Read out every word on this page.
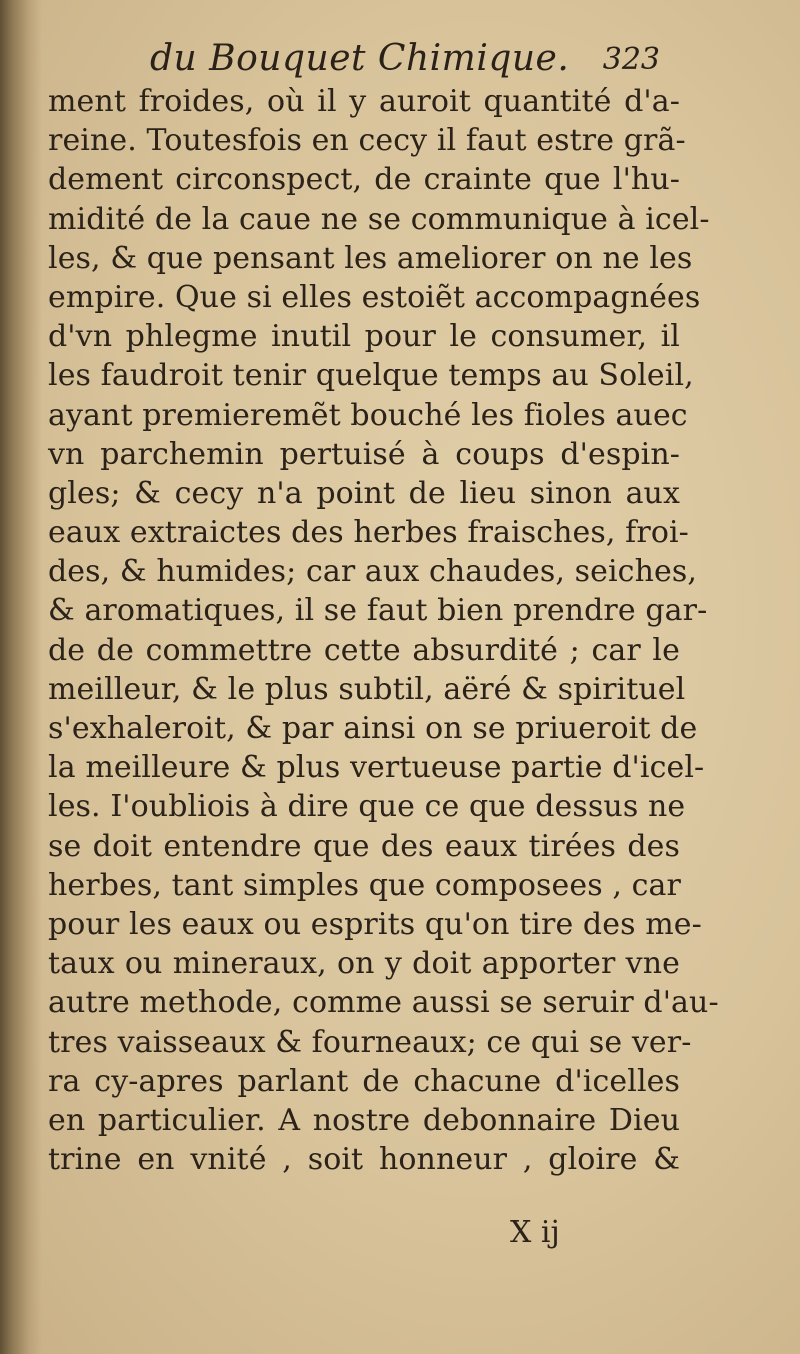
du Bouquet Chimique. 323
ment froides, où il y auroit quantité d'a-
reine. Toutesfois en cecy il faut estre grã-
dement circonspect, de crainte que l'hu-
midité de la caue ne se communique à icel-
les, & que pensant les ameliorer on ne les
empire. Que si elles estoiẽt accompagnées
d'vn phlegme inutil pour le consumer, il
les faudroit tenir quelque temps au Soleil,
ayant premieremẽt bouché les fioles auec
vn parchemin pertuisé à coups d'espin-
gles; & cecy n'a point de lieu sinon aux
eaux extraictes des herbes fraisches, froi-
des, & humides; car aux chaudes, seiches,
& aromatiques, il se faut bien prendre gar-
de de commettre cette absurdité ; car le
meilleur, & le plus subtil, aëré & spirituel
s'exhaleroit, & par ainsi on se priueroit de
la meilleure & plus vertueuse partie d'icel-
les. I'oubliois à dire que ce que dessus ne
se doit entendre que des eaux tirées des
herbes, tant simples que composees , car
pour les eaux ou esprits qu'on tire des me-
taux ou mineraux, on y doit apporter vne
autre methode, comme aussi se seruir d'au-
tres vaisseaux & fourneaux; ce qui se ver-
ra cy-apres parlant de chacune d'icelles
en particulier. A nostre debonnaire Dieu
trine en vnité , soit honneur , gloire &
X ij
